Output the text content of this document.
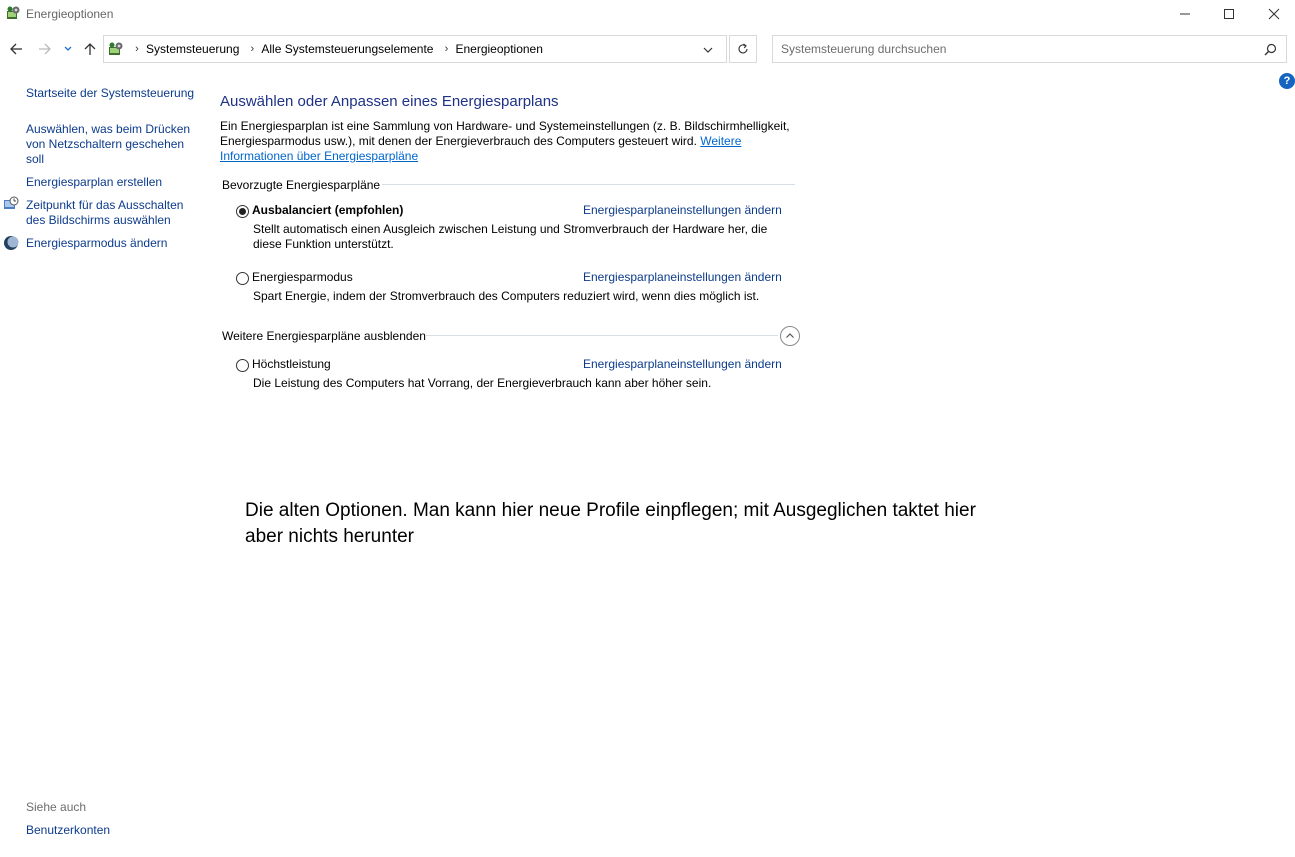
Energieoptionen
› Systemsteuerung	› Alle Systemsteuerungselemente	› Energieoptionen
Systemsteuerung durchsuchen
?
Startseite der Systemsteuerung
Auswählen, was beim Drücken von Netzschaltern geschehen soll
Energiesparplan erstellen
Zeitpunkt für das Ausschalten des Bildschirms auswählen
Energiesparmodus ändern
Siehe auch
Benutzerkonten
Auswählen oder Anpassen eines Energiesparplans
Ein Energiesparplan ist eine Sammlung von Hardware- und Systemeinstellungen (z. B. Bildschirmhelligkeit, Energiesparmodus usw.), mit denen der Energieverbrauch des Computers gesteuert wird. Weitere Informationen über Energiesparpläne
Bevorzugte Energiesparpläne
Ausbalanciert (empfohlen)	Energiesparplaneinstellungen ändern
Stellt automatisch einen Ausgleich zwischen Leistung und Stromverbrauch der Hardware her, die diese Funktion unterstützt.
Energiesparmodus	Energiesparplaneinstellungen ändern
Spart Energie, indem der Stromverbrauch des Computers reduziert wird, wenn dies möglich ist.
Weitere Energiesparpläne ausblenden
Höchstleistung	Energiesparplaneinstellungen ändern
Die Leistung des Computers hat Vorrang, der Energieverbrauch kann aber höher sein.
Die alten Optionen. Man kann hier neue Profile einpflegen; mit Ausgeglichen taktet hier aber nichts herunter
